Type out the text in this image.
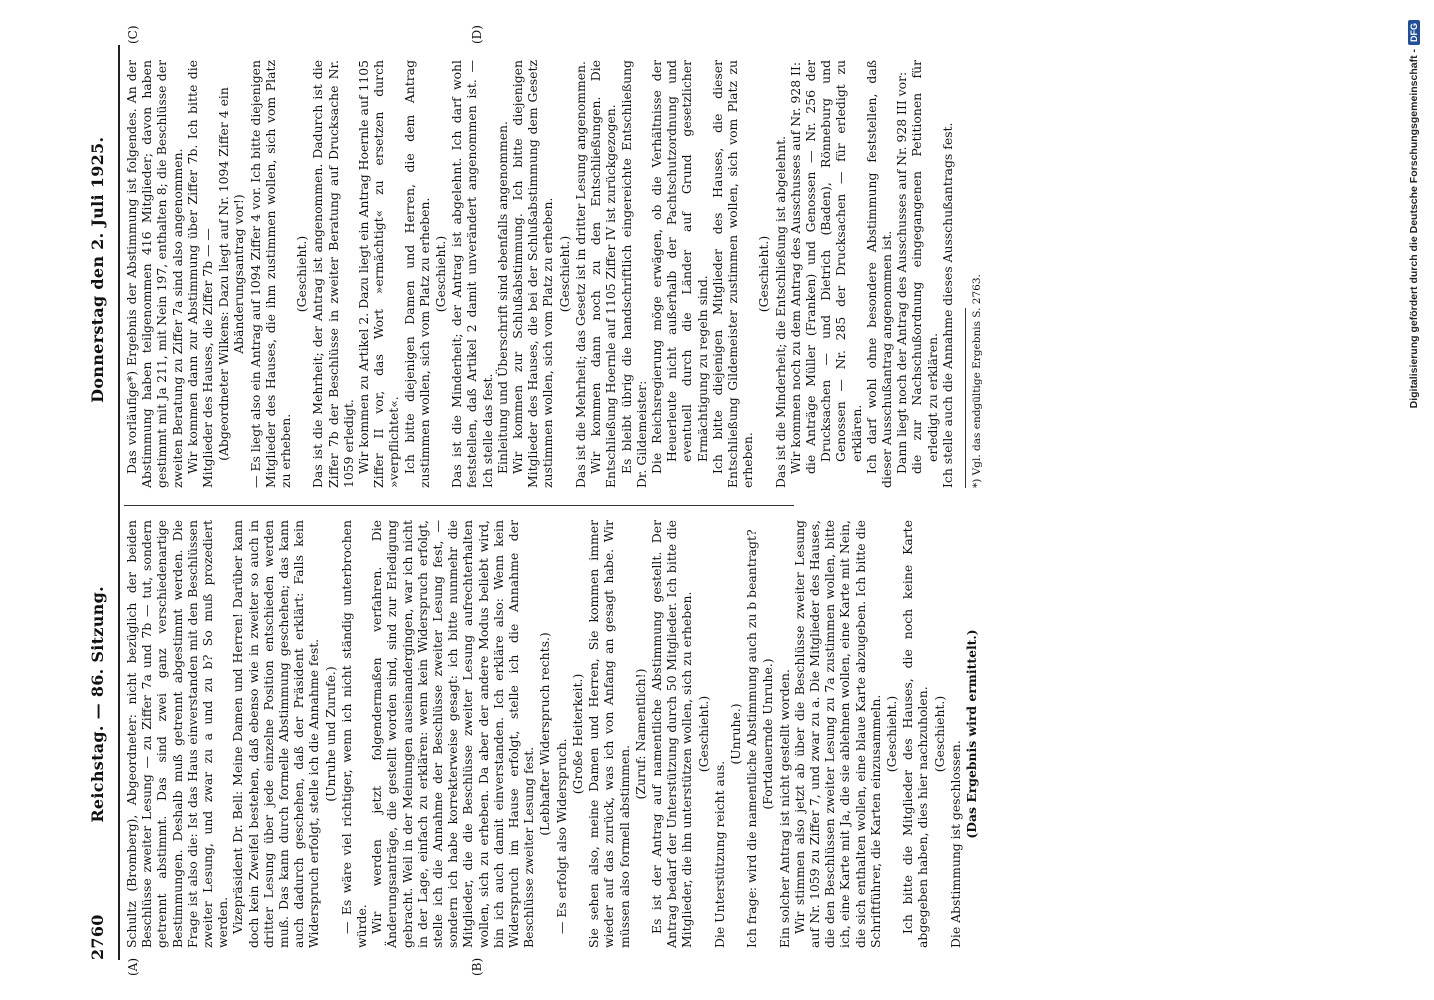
2760
Reichstag. — 86. Sitzung.
Donnerstag den 2. Juli 1925.
(A)	(B)
(C)	(D)

Schultz (Bromberg), Abgeordneter: nicht bezüglich der beiden Beschlüsse zweiter Lesung — zu Ziffer 7a und 7b — tut, sondern getrennt abstimmt. Das sind zwei ganz verschiedenartige Bestimmungen. Deshalb muß getrennt abgestimmt werden. Die Frage ist also die: Ist das Haus einverstanden mit den Beschlüssen zweiter Lesung, und zwar zu a und zu b? So muß prozediert werden. Vizepräsident Dr. Bell: Meine Damen und Herren! Darüber kann doch kein Zweifel bestehen, daß ebenso wie in zweiter so auch in dritter Lesung über jede einzelne Position entschieden werden muß. Das kann durch formelle Abstimmung geschehen; das kann auch dadurch geschehen, daß der Präsident erklärt: Falls kein Widerspruch erfolgt, stelle ich die Annahme fest. (Unruhe und Zurufe.) — Es wäre viel richtiger, wenn ich nicht ständig unterbrochen würde. Wir werden jetzt folgendermaßen verfahren. Die Änderungsanträge, die gestellt worden sind, sind zur Erledigung gebracht. Weil in der Meinungen auseinandergingen, war ich nicht in der Lage, einfach zu erklären: wenn kein Widerspruch erfolgt, stelle ich die Annahme der Beschlüsse zweiter Lesung fest, — sondern ich habe korrekterweise gesagt: ich bitte nunmehr die Mitglieder, die die Beschlüsse zweiter Lesung aufrechterhalten wollen, sich zu erheben. Da aber der andere Modus beliebt wird, bin ich auch damit einverstanden. Ich erkläre also: Wenn kein Widerspruch im Hause erfolgt, stelle ich die Annahme der Beschlüsse zweiter Lesung fest.

(Lebhafter Widerspruch rechts.)

— Es erfolgt also Widerspruch.

(Große Heiterkeit.) Sie sehen also, meine Damen und Herren, Sie kommen immer wieder auf das zurück, was ich von Anfang an gesagt habe. Wir müssen also formell abstimmen.

(Zuruf: Namentlich!) Es ist der Antrag auf namentliche Abstimmung gestellt. Der Antrag bedarf der Unterstützung durch 50 Mitglieder. Ich bitte die Mitglieder, die ihn unterstützen wollen, sich zu erheben. (Geschieht.)

Die Unterstützung reicht aus.

(Unruhe.) Ich frage: wird die namentliche Abstimmung auch zu b beantragt? (Fortdauernde Unruhe.) Ein solcher Antrag ist nicht gestellt worden. Wir stimmen also jetzt ab über die Beschlüsse zweiter Lesung auf Nr. 1059 zu Ziffer 7, und zwar zu a. Die Mitglieder des Hauses, die den Beschlüssen zweiter Lesung zu 7a zustimmen wollen, bitte ich, eine Karte mit Ja, die sie ablehnen wollen, eine Karte mit Nein, die sich enthalten wollen, eine blaue Karte abzugeben. Ich bitte die Schriftführer, die Karten einzusammeln. (Geschieht.) Ich bitte die Mitglieder des Hauses, die noch keine Karte abgegeben haben, dies hier nachzuholen. (Geschieht.)

Die Abstimmung ist geschlossen.

(Das Ergebnis wird ermittelt.)

Das vorläufige*) Ergebnis der Abstimmung ist folgendes. An der Abstimmung haben teilgenommen 416 Mitglieder; davon haben gestimmt mit Ja 211, mit Nein 197, enthalten 8; die Beschlüsse der zweiten Beratung zu Ziffer 7a sind also angenommen. Wir kommen dann zur Abstimmung über Ziffer 7b. Ich bitte die Mitglieder des Hauses, die Ziffer 7b — — (Abgeordneter Wilkens: Dazu liegt auf Nr. 1094 Ziffer 4 ein Abänderungsantrag vor!) — Es liegt also ein Antrag auf 1094 Ziffer 4 vor. Ich bitte diejenigen Mitglieder des Hauses, die ihm zustimmen wollen, sich vom Platz zu erheben.

(Geschieht.) Das ist die Mehrheit; der Antrag ist angenommen. Dadurch ist die Ziffer 7b der Beschlüsse in zweiter Beratung auf Drucksache Nr. 1059 erledigt. Wir kommen zu Artikel 2. Dazu liegt ein Antrag Hoernle auf 1105 Ziffer II vor, das Wort »ermächtigt« zu ersetzen durch »verpflichtet«. Ich bitte diejenigen Damen und Herren, die dem Antrag zustimmen wollen, sich vom Platz zu erheben. (Geschieht.) Das ist die Minderheit; der Antrag ist abgelehnt. Ich darf wohl feststellen, daß Artikel 2 damit unverändert angenommen ist. — Ich stelle das fest. Einleitung und Überschrift sind ebenfalls angenommen. Wir kommen zur Schlußabstimmung. Ich bitte diejenigen Mitglieder des Hauses, die bei der Schlußabstimmung dem Gesetz zustimmen wollen, sich vom Platz zu erheben. (Geschieht.) Das ist die Mehrheit; das Gesetz ist in dritter Lesung angenommen. Wir kommen dann noch zu den Entschließungen. Die Entschließung Hoernle auf 1105 Ziffer IV ist zurückgezogen. Es bleibt übrig die handschriftlich eingereichte Entschließung Dr. Gildemeister: Die Reichsregierung möge erwägen, ob die Verhältnisse der Heuerleute nicht außerhalb der Pachtschutzordnung und eventuell durch die Länder auf Grund gesetzlicher Ermächtigung zu regeln sind. Ich bitte diejenigen Mitglieder des Hauses, die dieser Entschließung Gildemeister zustimmen wollen, sich vom Platz zu erheben.

(Geschieht.) Das ist die Minderheit; die Entschließung ist abgelehnt. Wir kommen noch zu dem Antrag des Ausschusses auf Nr. 928 II: die Anträge Müller (Franken) und Genossen — Nr. 256 der Drucksachen — und Dietrich (Baden), Rönneburg und Genossen — Nr. 285 der Drucksachen — für erledigt zu erklären. Ich darf wohl ohne besondere Abstimmung feststellen, daß dieser Ausschußantrag angenommen ist. Dann liegt noch der Antrag des Ausschusses auf Nr. 928 III vor: die zur Nachschußordnung eingegangenen Petitionen für erledigt zu erklären. Ich stelle auch die Annahme dieses Ausschußantrags fest. *) Vgl. das endgültige Ergebnis S. 2763.	Digitalisierung gefördert durch die Deutsche Forschungsgemeinschaft -
DFG
